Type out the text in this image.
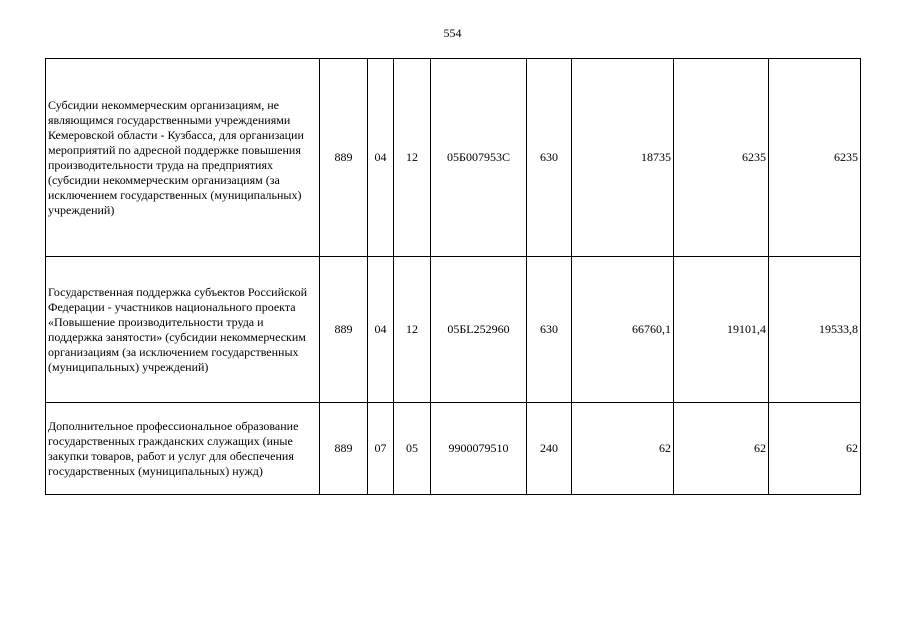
554
Субсидии некоммерческим организациям, не являющимся государственными учреждениями Кемеровской области - Кузбасса, для организации мероприятий по адресной поддержке повышения производительности труда на предприятиях (субсидии некоммерческим организациям (за исключением государственных (муниципальных) учреждений)	889	04	12	05Б007953С	630	18735	6235	6235
Государственная поддержка субъектов Российской Федерации - участников национального проекта «Повышение производительности труда и поддержка занятости» (субсидии некоммерческим организациям (за исключением государственных (муниципальных) учреждений)	889	04	12	05БL252960	630	66760,1	19101,4	19533,8
Дополнительное профессиональное образование государственных гражданских служащих (иные закупки товаров, работ и услуг для обеспечения государственных (муниципальных) нужд)	889	07	05	9900079510	240	62	62	62
